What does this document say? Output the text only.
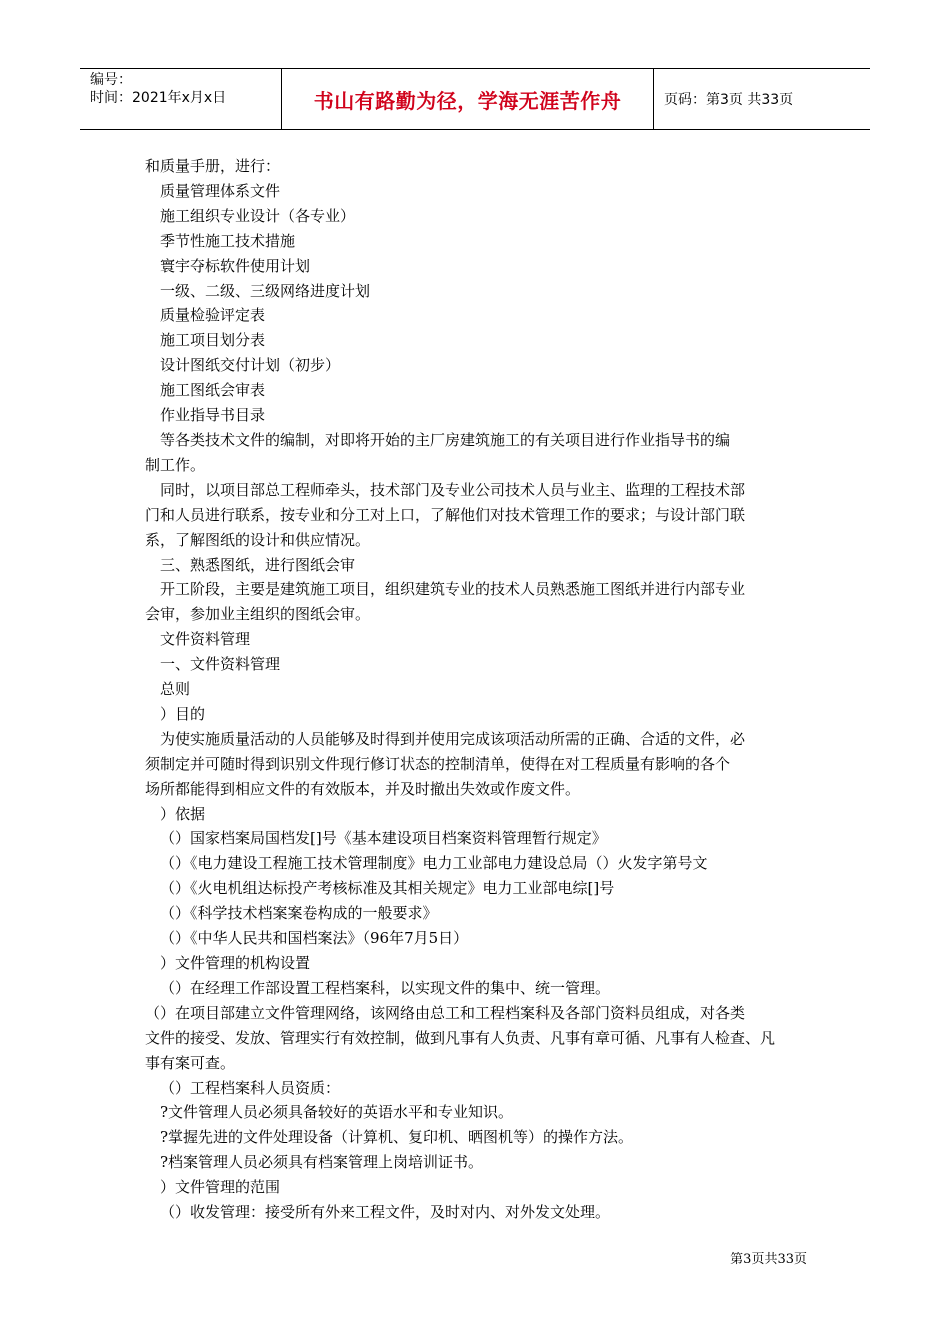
编号：
时间：2021年x月x日	书山有路勤为径，学海无涯苦作舟	页码：第3页 共33页

和质量手册，进行：

质量管理体系文件

施工组织专业设计（各专业）

季节性施工技术措施

寰宇夺标软件使用计划

一级、二级、三级网络进度计划

质量检验评定表

施工项目划分表

设计图纸交付计划（初步）

施工图纸会审表

作业指导书目录

等各类技术文件的编制，对即将开始的主厂房建筑施工的有关项目进行作业指导书的编

制工作。

同时，以项目部总工程师牵头，技术部门及专业公司技术人员与业主、监理的工程技术部

门和人员进行联系，按专业和分工对上口，了解他们对技术管理工作的要求；与设计部门联

系，了解图纸的设计和供应情况。

三、熟悉图纸，进行图纸会审

开工阶段，主要是建筑施工项目，组织建筑专业的技术人员熟悉施工图纸并进行内部专业

会审，参加业主组织的图纸会审。

文件资料管理

一、文件资料管理

总则

）目的

为使实施质量活动的人员能够及时得到并使用完成该项活动所需的正确、合适的文件，必

须制定并可随时得到识别文件现行修订状态的控制清单，使得在对工程质量有影响的各个

场所都能得到相应文件的有效版本，并及时撤出失效或作废文件。

）依据

（）国家档案局国档发[]号《基本建设项目档案资料管理暂行规定》

（）《电力建设工程施工技术管理制度》电力工业部电力建设总局（）火发字第号文

（）《火电机组达标投产考核标准及其相关规定》电力工业部电综[]号

（）《科学技术档案案卷构成的一般要求》

（）《中华人民共和国档案法》（96年7月5日）

）文件管理的机构设置

（）在经理工作部设置工程档案科，以实现文件的集中、统一管理。

（）在项目部建立文件管理网络，该网络由总工和工程档案科及各部门资料员组成，对各类

文件的接受、发放、管理实行有效控制，做到凡事有人负责、凡事有章可循、凡事有人检查、凡

事有案可查。

（）工程档案科人员资质：

?文件管理人员必须具备较好的英语水平和专业知识。

?掌握先进的文件处理设备（计算机、复印机、晒图机等）的操作方法。

?档案管理人员必须具有档案管理上岗培训证书。

）文件管理的范围

（）收发管理：接受所有外来工程文件，及时对内、对外发文处理。

第3页共33页
